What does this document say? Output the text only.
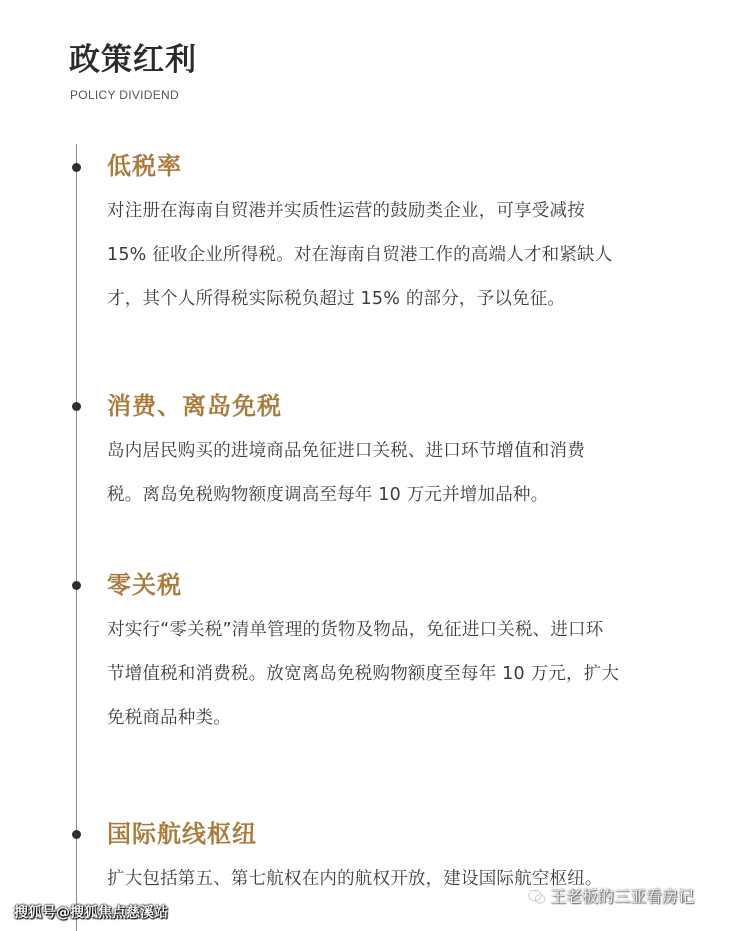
政策红利
POLICY DIVIDEND
低税率

对注册在海南自贸港并实质性运营的鼓励类企业，可享受减按
15% 征收企业所得税。对在海南自贸港工作的高端人才和紧缺人
才，其个人所得税实际税负超过 15% 的部分，予以免征。

消费、离岛免税

岛内居民购买的进境商品免征进口关税、进口环节增值和消费
税。离岛免税购物额度调高至每年 10 万元并增加品种。

零关税

对实行“零关税”清单管理的货物及物品，免征进口关税、进口环
节增值税和消费税。放宽离岛免税购物额度至每年 10 万元，扩大
免税商品种类。

国际航线枢纽

扩大包括第五、第七航权在内的航权开放，建设国际航空枢纽。

搜狐号@搜狐焦点慈溪站
王老板的三亚看房记
